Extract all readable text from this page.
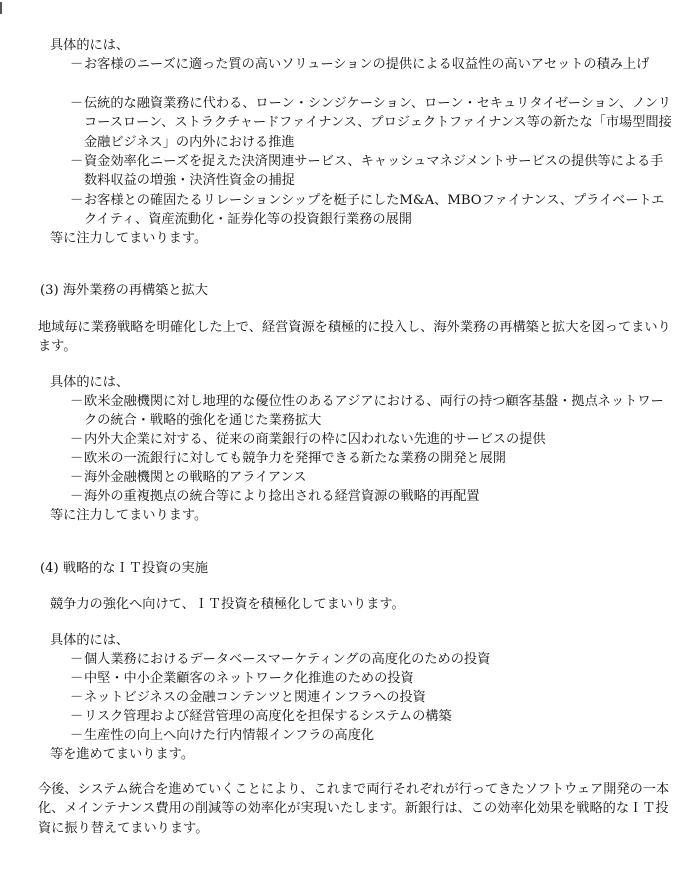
具体的には、
－ お客様のニーズに適った質の高いソリューションの提供による収益性の高いアセットの積み上げ
－ 伝統的な融資業務に代わる、ローン・シンジケーション、ローン・セキュリタイゼーション、ノンリコースローン、ストラクチャードファイナンス、プロジェクトファイナンス等の新たな「市場型間接金融ビジネス」の内外における推進
－ 資金効率化ニーズを捉えた決済関連サービス、キャッシュマネジメントサービスの提供等による手数料収益の増強・決済性資金の捕捉
－ お客様との確固たるリレーションシップを梃子にしたM&A、MBOファイナンス、プライベートエクイティ、資産流動化・証券化等の投資銀行業務の展開
等に注力してまいります。
(3) 海外業務の再構築と拡大
地域毎に業務戦略を明確化した上で、経営資源を積極的に投入し、海外業務の再構築と拡大を図ってまいります。
具体的には、
－ 欧米金融機関に対し地理的な優位性のあるアジアにおける、両行の持つ顧客基盤・拠点ネットワークの統合・戦略的強化を通じた業務拡大
－ 内外大企業に対する、従来の商業銀行の枠に囚われない先進的サービスの提供
－ 欧米の一流銀行に対しても競争力を発揮できる新たな業務の開発と展開
－ 海外金融機関との戦略的アライアンス
－ 海外の重複拠点の統合等により捻出される経営資源の戦略的再配置
等に注力してまいります。
(4) 戦略的なＩＴ投資の実施
競争力の強化へ向けて、ＩＴ投資を積極化してまいります。
具体的には、
－ 個人業務におけるデータベースマーケティングの高度化のための投資
－ 中堅・中小企業顧客のネットワーク化推進のための投資
－ ネットビジネスの金融コンテンツと関連インフラへの投資
－ リスク管理および経営管理の高度化を担保するシステムの構築
－ 生産性の向上へ向けた行内情報インフラの高度化
等を進めてまいります。
今後、システム統合を進めていくことにより、これまで両行それぞれが行ってきたソフトウェア開発の一本化、メインテナンス費用の削減等の効率化が実現いたします。新銀行は、この効率化効果を戦略的なＩＴ投資に振り替えてまいります。
